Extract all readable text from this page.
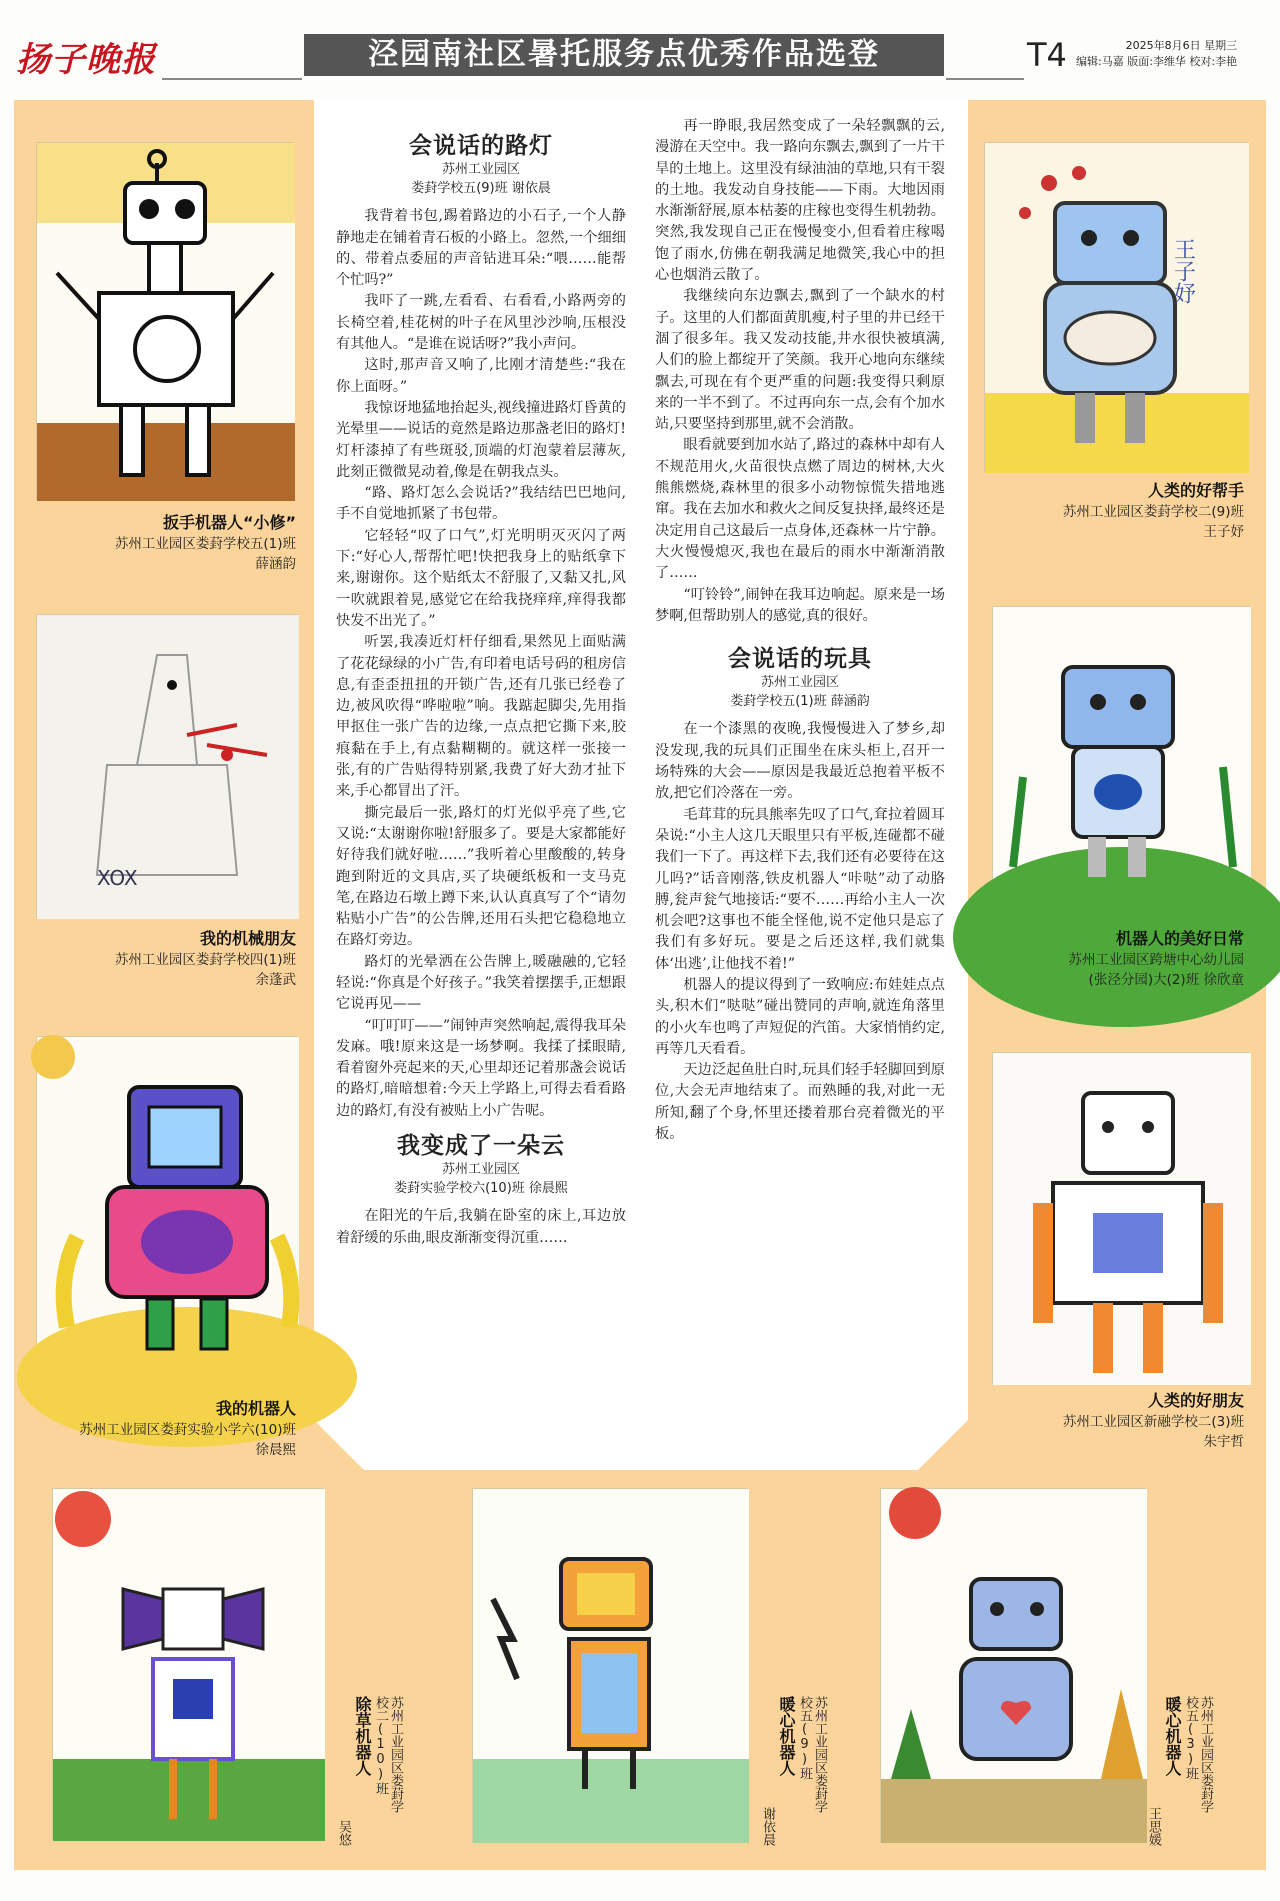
扬子晚报	泾园南社区暑托服务点优秀作品选登	T4	2025年8月6日 星期三
编辑:马嘉 版面:李维华 校对:李艳
会说话的路灯
苏州工业园区
娄葑学校五(9)班 谢依晨

我背着书包,踢着路边的小石子,一个人静静地走在铺着青石板的小路上。忽然,一个细细的、带着点委屈的声音钻进耳朵:“喂……能帮个忙吗?”

我吓了一跳,左看看、右看看,小路两旁的长椅空着,桂花树的叶子在风里沙沙响,压根没有其他人。“是谁在说话呀?”我小声问。

这时,那声音又响了,比刚才清楚些:“我在你上面呀。”

我惊讶地猛地抬起头,视线撞进路灯昏黄的光晕里——说话的竟然是路边那盏老旧的路灯!灯杆漆掉了有些斑驳,顶端的灯泡蒙着层薄灰,此刻正微微晃动着,像是在朝我点头。

“路、路灯怎么会说话?”我结结巴巴地问,手不自觉地抓紧了书包带。

它轻轻“叹了口气”,灯光明明灭灭闪了两下:“好心人,帮帮忙吧!快把我身上的贴纸拿下来,谢谢你。这个贴纸太不舒服了,又黏又扎,风一吹就跟着晃,感觉它在给我挠痒痒,痒得我都快发不出光了。”

听罢,我凑近灯杆仔细看,果然见上面贴满了花花绿绿的小广告,有印着电话号码的租房信息,有歪歪扭扭的开锁广告,还有几张已经卷了边,被风吹得“哗啦啦”响。我踮起脚尖,先用指甲抠住一张广告的边缘,一点点把它撕下来,胶痕黏在手上,有点黏糊糊的。就这样一张接一张,有的广告贴得特别紧,我费了好大劲才扯下来,手心都冒出了汗。

撕完最后一张,路灯的灯光似乎亮了些,它又说:“太谢谢你啦!舒服多了。要是大家都能好好待我们就好啦……”我听着心里酸酸的,转身跑到附近的文具店,买了块硬纸板和一支马克笔,在路边石墩上蹲下来,认认真真写了个“请勿粘贴小广告”的公告牌,还用石头把它稳稳地立在路灯旁边。

路灯的光晕洒在公告牌上,暖融融的,它轻轻说:“你真是个好孩子。”我笑着摆摆手,正想跟它说再见——

“叮叮叮——”闹钟声突然响起,震得我耳朵发麻。哦!原来这是一场梦啊。我揉了揉眼睛,看着窗外亮起来的天,心里却还记着那盏会说话的路灯,暗暗想着:今天上学路上,可得去看看路边的路灯,有没有被贴上小广告呢。

我变成了一朵云
苏州工业园区
娄葑实验学校六(10)班 徐晨熙

在阳光的午后,我躺在卧室的床上,耳边放着舒缓的乐曲,眼皮渐渐变得沉重……

再一睁眼,我居然变成了一朵轻飘飘的云,漫游在天空中。我一路向东飘去,飘到了一片干旱的土地上。这里没有绿油油的草地,只有干裂的土地。我发动自身技能——下雨。大地因雨水渐渐舒展,原本枯萎的庄稼也变得生机勃勃。突然,我发现自己正在慢慢变小,但看着庄稼喝饱了雨水,仿佛在朝我满足地微笑,我心中的担心也烟消云散了。

我继续向东边飘去,飘到了一个缺水的村子。这里的人们都面黄肌瘦,村子里的井已经干涸了很多年。我又发动技能,井水很快被填满,人们的脸上都绽开了笑颜。我开心地向东继续飘去,可现在有个更严重的问题:我变得只剩原来的一半不到了。不过再向东一点,会有个加水站,只要坚持到那里,就不会消散。

眼看就要到加水站了,路过的森林中却有人不规范用火,火苗很快点燃了周边的树林,大火熊熊燃烧,森林里的很多小动物惊慌失措地逃窜。我在去加水和救火之间反复抉择,最终还是决定用自己这最后一点身体,还森林一片宁静。大火慢慢熄灭,我也在最后的雨水中渐渐消散了……

“叮铃铃”,闹钟在我耳边响起。原来是一场梦啊,但帮助别人的感觉,真的很好。

会说话的玩具
苏州工业园区
娄葑学校五(1)班 薛涵韵

在一个漆黑的夜晚,我慢慢进入了梦乡,却没发现,我的玩具们正围坐在床头柜上,召开一场特殊的大会——原因是我最近总抱着平板不放,把它们冷落在一旁。

毛茸茸的玩具熊率先叹了口气,耷拉着圆耳朵说:“小主人这几天眼里只有平板,连碰都不碰我们一下了。再这样下去,我们还有必要待在这儿吗?”话音刚落,铁皮机器人“咔哒”动了动胳膊,瓮声瓮气地接话:“要不……再给小主人一次机会吧?这事也不能全怪他,说不定他只是忘了我们有多好玩。要是之后还这样,我们就集体‘出逃’,让他找不着!”

机器人的提议得到了一致响应:布娃娃点点头,积木们“哒哒”碰出赞同的声响,就连角落里的小火车也鸣了声短促的汽笛。大家悄悄约定,再等几天看看。

天边泛起鱼肚白时,玩具们轻手轻脚回到原位,大会无声地结束了。而熟睡的我,对此一无所知,翻了个身,怀里还搂着那台亮着微光的平板。

扳手机器人“小修”
苏州工业园区娄葑学校五(1)班
薛涵韵
XOX
我的机械朋友
苏州工业园区娄葑学校四(1)班
余蓬武
我的机器人
苏州工业园区娄葑实验小学六(10)班
徐晨熙
王子妤
人类的好帮手
苏州工业园区娄葑学校二(9)班
王子妤
机器人的美好日常
苏州工业园区跨塘中心幼儿园
(张泾分园)大(2)班 徐欣童
人类的好朋友
苏州工业园区新融学校二(3)班
朱宇哲
苏州工业园区娄葑学校二(10)班
除草机器人
吴悠
苏州工业园区娄葑学校五(9)班
暖心机器人
谢依晨
苏州工业园区娄葑学校五(3)班
暖心机器人
王思媛
